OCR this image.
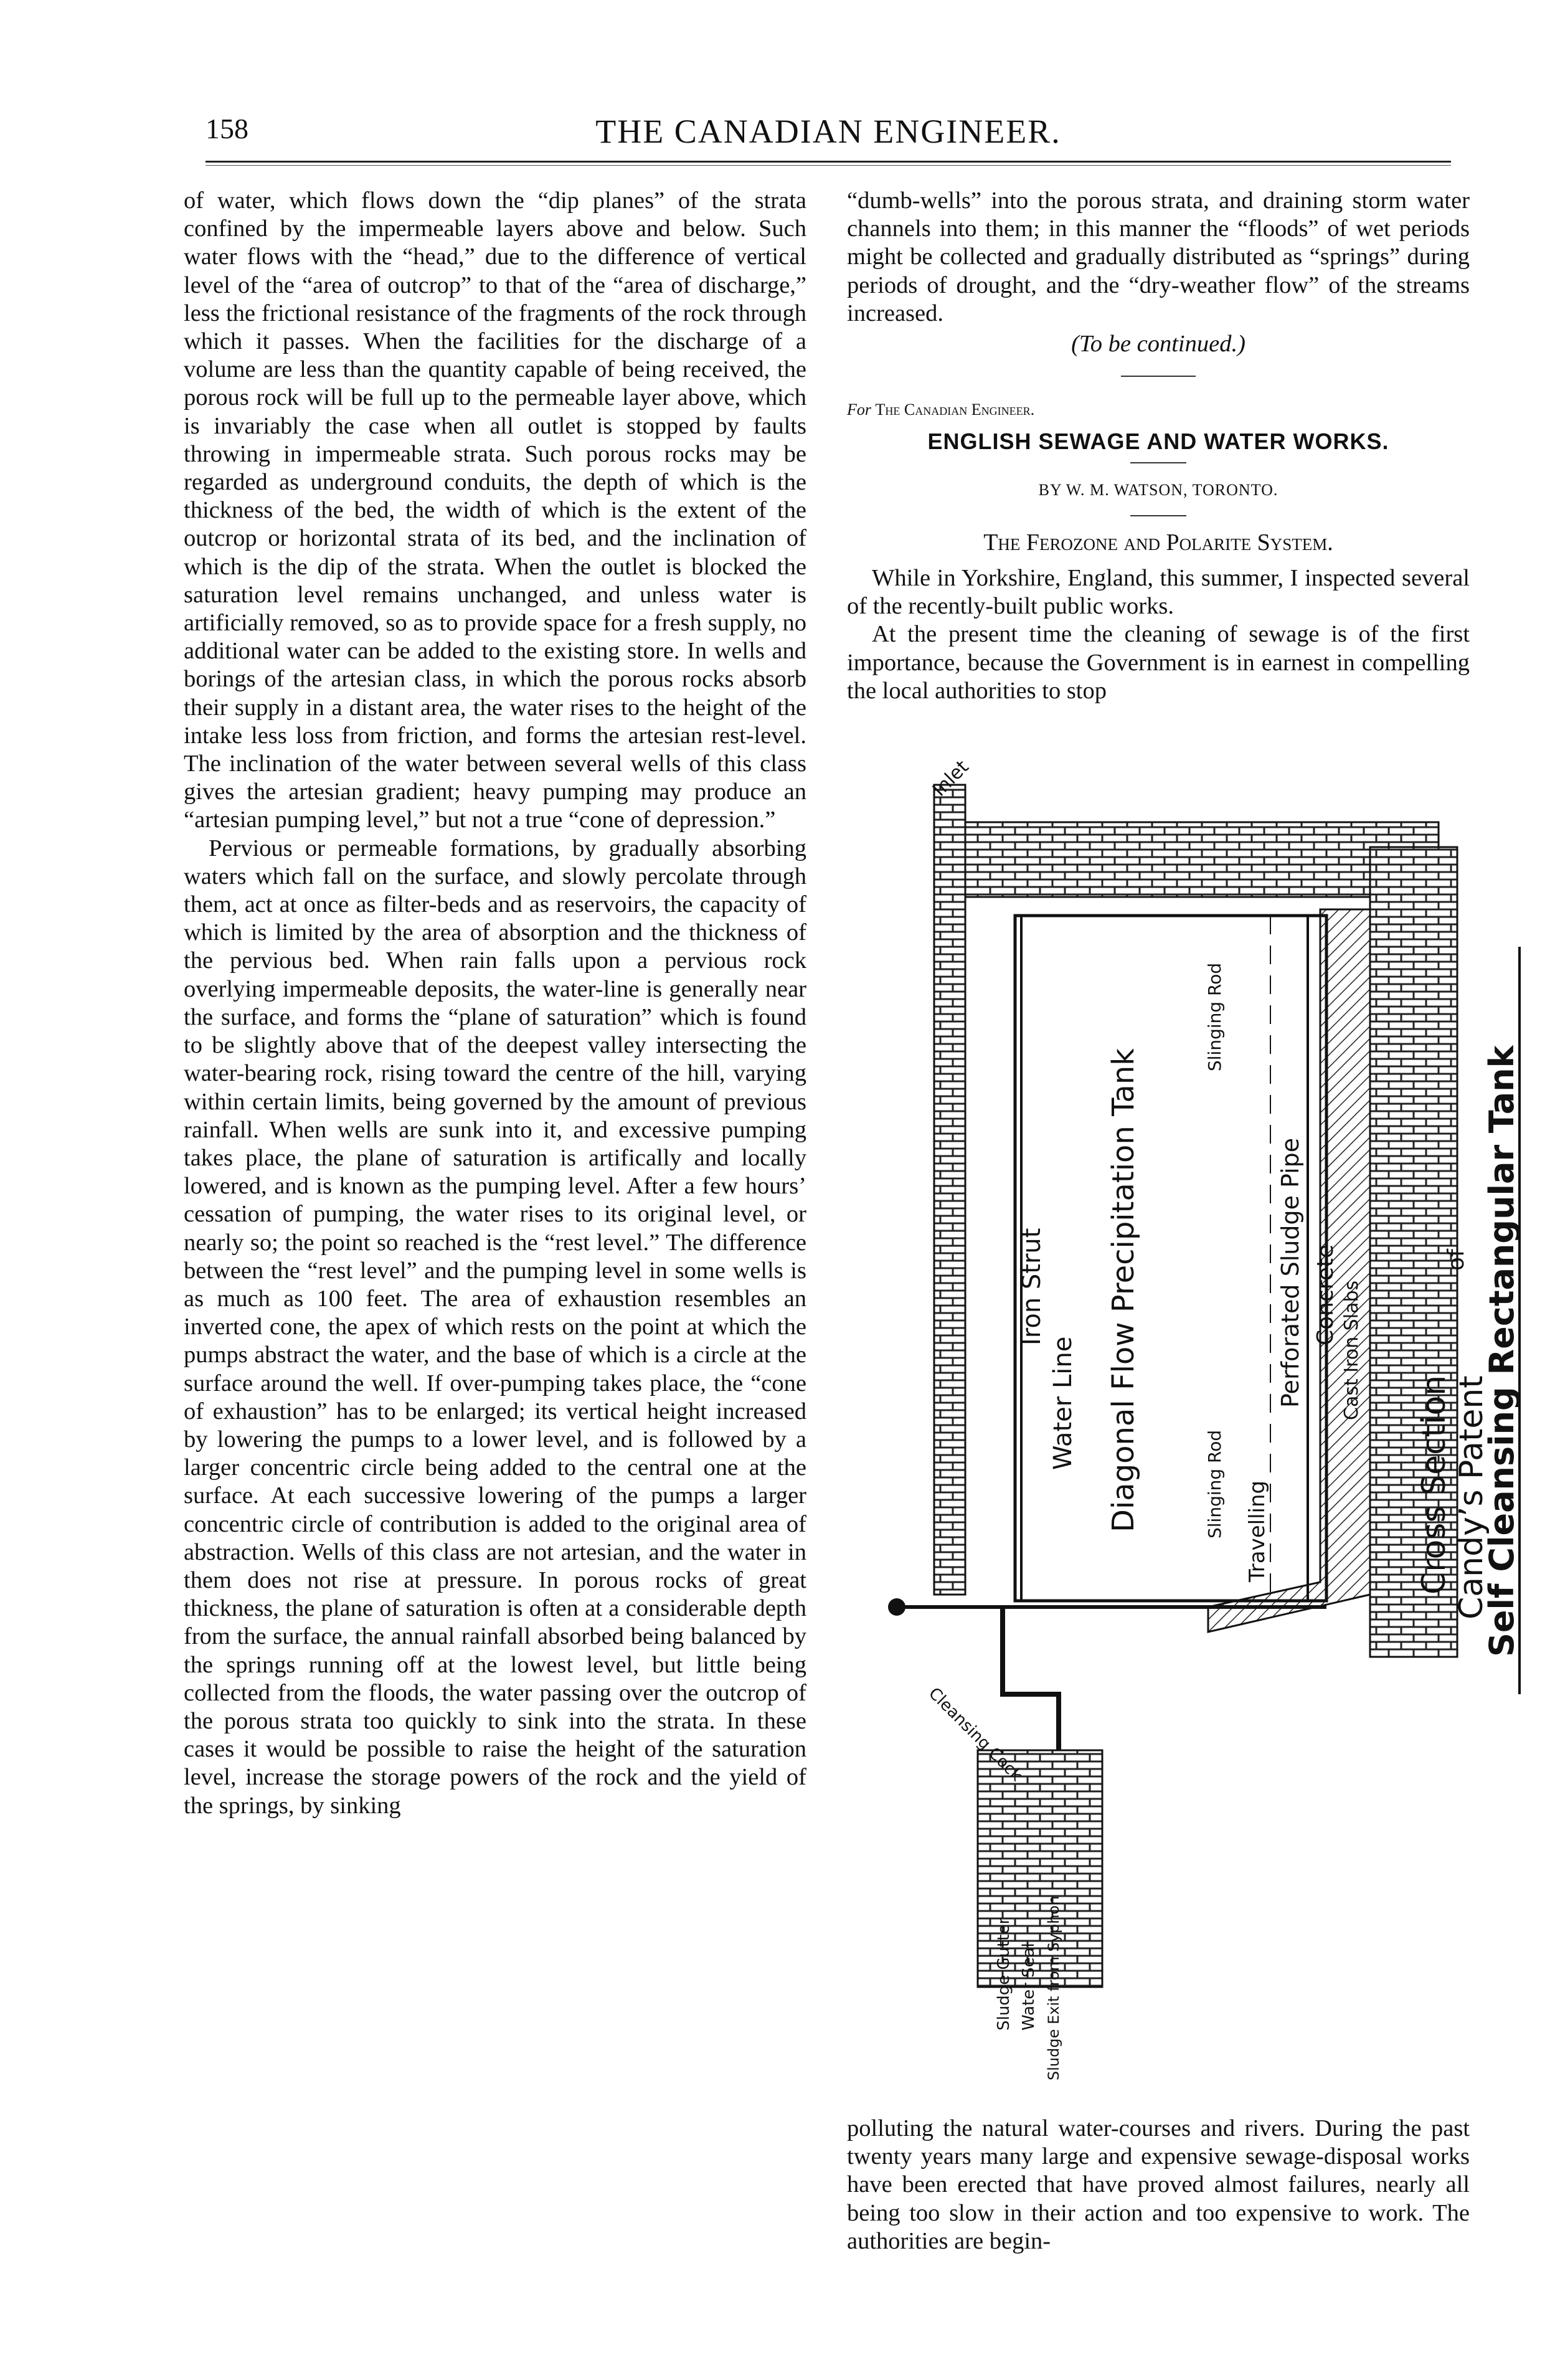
158	THE CANADIAN ENGINEER.

of water, which flows down the “dip planes” of the strata confined by the impermeable layers above and below. Such water flows with the “head,” due to the difference of vertical level of the “area of outcrop” to that of the “area of discharge,” less the frictional resistance of the fragments of the rock through which it passes. When the facilities for the discharge of a volume are less than the quantity capable of being received, the porous rock will be full up to the permeable layer above, which is invariably the case when all outlet is stopped by faults throwing in impermeable strata. Such porous rocks may be regarded as underground conduits, the depth of which is the thickness of the bed, the width of which is the extent of the outcrop or horizontal strata of its bed, and the inclination of which is the dip of the strata. When the outlet is blocked the saturation level remains unchanged, and unless water is artificially removed, so as to provide space for a fresh supply, no additional water can be added to the existing store. In wells and borings of the artesian class, in which the porous rocks absorb their supply in a distant area, the water rises to the height of the intake less loss from friction, and forms the artesian rest-level. The inclination of the water between several wells of this class gives the artesian gradient; heavy pumping may produce an “artesian pumping level,” but not a true “cone of depression.”

Pervious or permeable formations, by gradually absorbing waters which fall on the surface, and slowly percolate through them, act at once as filter-beds and as reservoirs, the capacity of which is limited by the area of absorption and the thickness of the pervious bed. When rain falls upon a pervious rock overlying impermeable deposits, the water-line is generally near the surface, and forms the “plane of saturation” which is found to be slightly above that of the deepest valley intersecting the water-bearing rock, rising toward the centre of the hill, varying within certain limits, being governed by the amount of previous rainfall. When wells are sunk into it, and excessive pumping takes place, the plane of saturation is artifically and locally lowered, and is known as the pumping level. After a few hours’ cessation of pumping, the water rises to its original level, or nearly so; the point so reached is the “rest level.” The difference between the “rest level” and the pumping level in some wells is as much as 100 feet. The area of exhaustion resembles an inverted cone, the apex of which rests on the point at which the pumps abstract the water, and the base of which is a circle at the surface around the well. If over-pumping takes place, the “cone of exhaustion” has to be enlarged; its vertical height increased by lowering the pumps to a lower level, and is followed by a larger concentric circle being added to the central one at the surface. At each successive lowering of the pumps a larger concentric circle of contribution is added to the original area of abstraction. Wells of this class are not artesian, and the water in them does not rise at pressure. In porous rocks of great thickness, the plane of saturation is often at a considerable depth from the surface, the annual rainfall absorbed being balanced by the springs running off at the lowest level, but little being collected from the floods, the water passing over the outcrop of the porous strata too quickly to sink into the strata. In these cases it would be possible to raise the height of the saturation level, increase the storage powers of the rock and the yield of the springs, by sinking

“dumb-wells” into the porous strata, and draining storm water channels into them; in this manner the “floods” of wet periods might be collected and gradually distributed as “springs” during periods of drought, and the “dry-weather flow” of the streams increased.

(To be continued.)

For The Canadian Engineer.

ENGLISH SEWAGE AND WATER WORKS.

BY W. M. WATSON, TORONTO.

The Ferozone and Polarite System.

While in Yorkshire, England, this summer, I inspected several of the recently-built public works.

At the present time the cleaning of sewage is of the first importance, because the Government is in earnest in compelling the local authorities to stop

Inlet
Iron Strut
Water Line Diagonal Flow Precipitation Tank
Slinging Rod
Slinging Rod
Perforated Sludge Pipe Concrete
Travelling
Cast Iron Slabs
Cleansing Cock
Sludge Gutter Water Seal Sludge Exit from Syphon
Cross Section
of
Candy’s Patent
Self Cleansing Rectangular Tank

polluting the natural water-courses and rivers. During the past twenty years many large and expensive sewage-disposal works have been erected that have proved almost failures, nearly all being too slow in their action and too expensive to work. The authorities are begin-
